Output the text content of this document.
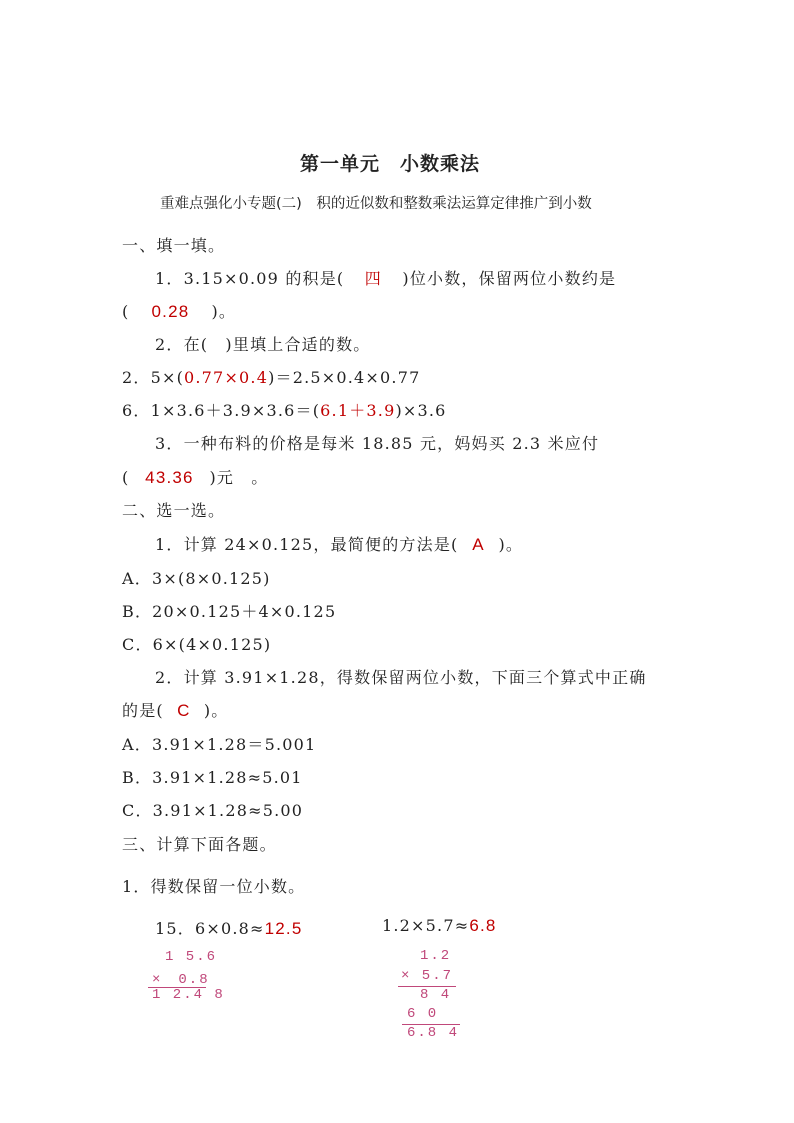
第一单元　小数乘法
重难点强化小专题(二)　积的近似数和整数乘法运算定律推广到小数
一、填一填。
1．3.15×0.09 的积是( 四 )位小数，保留两位小数约是
( 0.28 )。
2．在(　)里填上合适的数。
2．5×(0.77×0.4)＝2.5×0.4×0.77
6．1×3.6＋3.9×3.6＝(6.1＋3.9)×3.6
3．一种布料的价格是每米 18.85 元，妈妈买 2.3 米应付
( 43.36 )元　。
二、选一选。
1．计算 24×0.125，最简便的方法是( A )。
A．3×(8×0.125)
B．20×0.125＋4×0.125
C．6×(4×0.125)
2．计算 3.91×1.28，得数保留两位小数，下面三个算式中正确
的是( C )。
A．3.91×1.28＝5.001
B．3.91×1.28≈5.01
C．3.91×1.28≈5.00
三、计算下面各题。
1．得数保留一位小数。
15．6×0.8≈12.5	1.2×5.7≈6.8
1 5.6
×　0.8
1 2.4 8
1.2
× 5.7
8 4
6 0
6.8 4
